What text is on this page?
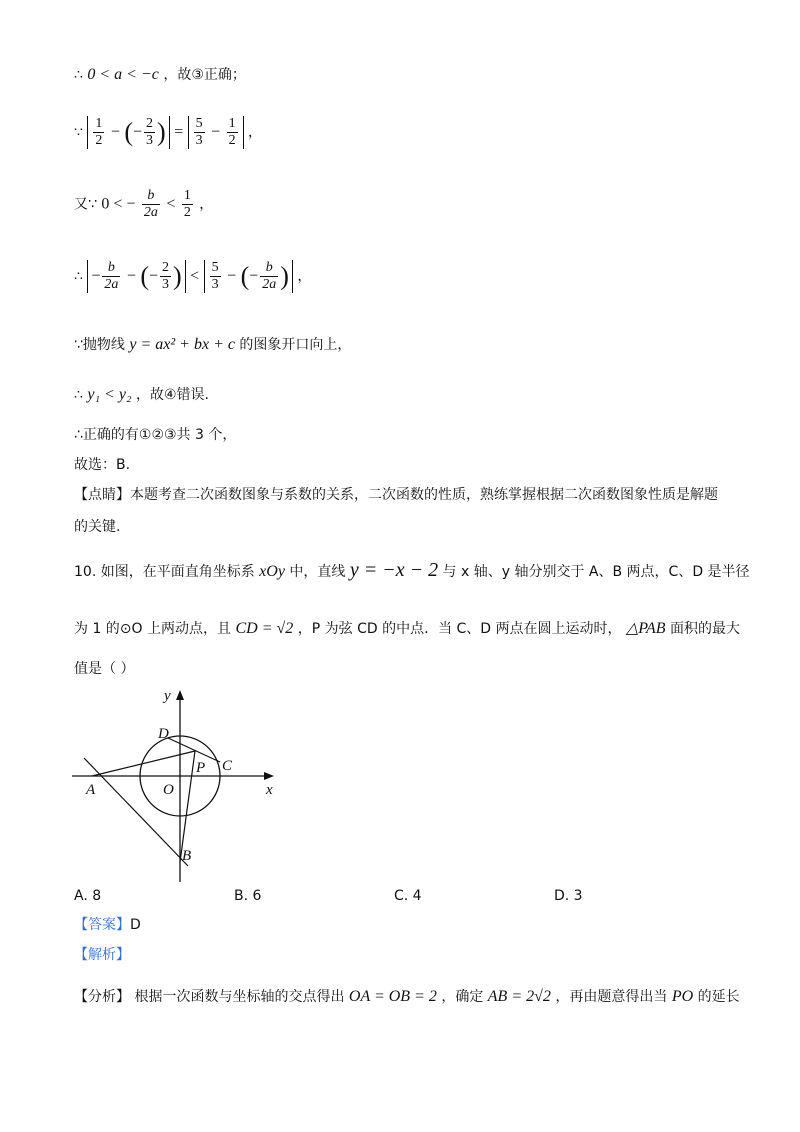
∴ 0 < a < −c ，故③正确；
∵ $\frac{1}{2}$ − (− $\frac{2}{3}$ ) = $\frac{5}{3} - \frac{1}{2}$ ，
又∵ 0 < − $\frac{b}{2a} < \frac{1}{2}$ ，
∴ − $\frac{b}{2a}$ − (− $\frac{2}{3}$ ) < $\frac{5}{3}$ − (− $\frac{b}{2a}$ ) ，
∵抛物线 y = ax² + bx + c 的图象开口向上，
∴ y₁ < y₂ ，故④错误.
∴正确的有①②③共 3 个，
故选：B.
【点睛】本题考查二次函数图象与系数的关系，二次函数的性质，熟练掌握根据二次函数图象性质是解题
的关键.
10. 如图，在平面直角坐标系 xOy 中，直线 y = −x − 2 与 x 轴、y 轴分别交于 A、B 两点，C、D 是半径
为 1 的⊙O 上两动点，且 CD = √2 ，P 为弦 CD 的中点．当 C、D 两点在圆上运动时， △PAB 面积的最大
值是（ ）
y
x
D
P C
O
A
B
A. 8	B. 6	C. 4	D. 3
【答案】D
【解析】
【分析】 根据一次函数与坐标轴的交点得出 OA = OB = 2 ，确定 AB = 2√2 ，再由题意得出当 PO 的延长
